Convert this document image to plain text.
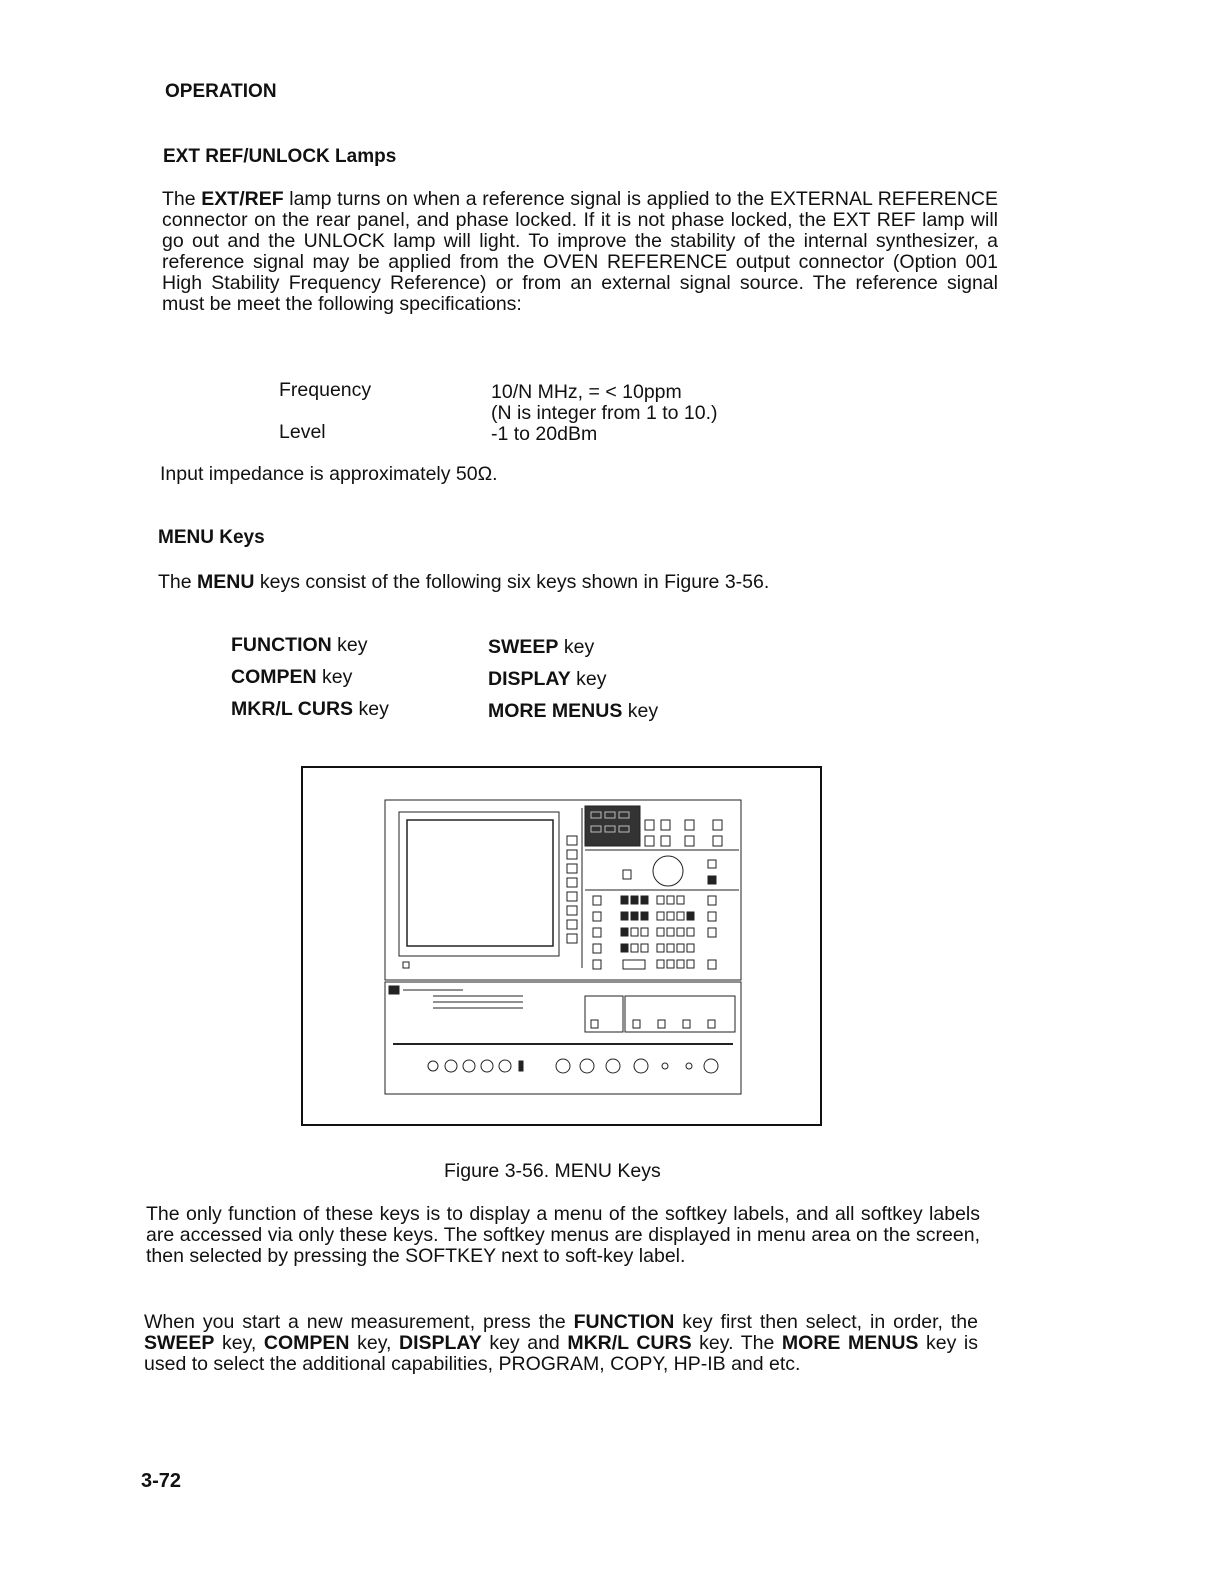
OPERATION
EXT REF/UNLOCK Lamps
The EXT/REF lamp turns on when a reference signal is applied to the EXTERNAL REFERENCE connector on the rear panel, and phase locked. If it is not phase locked, the EXT REF lamp will go out and the UNLOCK lamp will light. To improve the stability of the internal synthesizer, a reference signal may be applied from the OVEN REFERENCE output connector (Option 001 High Stability Frequency Reference) or from an external signal source. The reference signal must be meet the following specifications:
Frequency	10/N MHz, = < 10ppm
(N is integer from 1 to 10.)
Level	-1 to 20dBm
Input impedance is approximately 50Ω.
MENU Keys
The MENU keys consist of the following six keys shown in Figure 3-56.
FUNCTION key	SWEEP key
COMPEN key	DISPLAY key
MKR/L CURS key	MORE MENUS key
Figure 3-56. MENU Keys
The only function of these keys is to display a menu of the softkey labels, and all softkey labels are accessed via only these keys. The softkey menus are displayed in menu area on the screen, then selected by pressing the SOFTKEY next to soft-key label.
When you start a new measurement, press the FUNCTION key first then select, in order, the SWEEP key, COMPEN key, DISPLAY key and MKR/L CURS key. The MORE MENUS key is used to select the additional capabilities, PROGRAM, COPY, HP-IB and etc.
3-72
